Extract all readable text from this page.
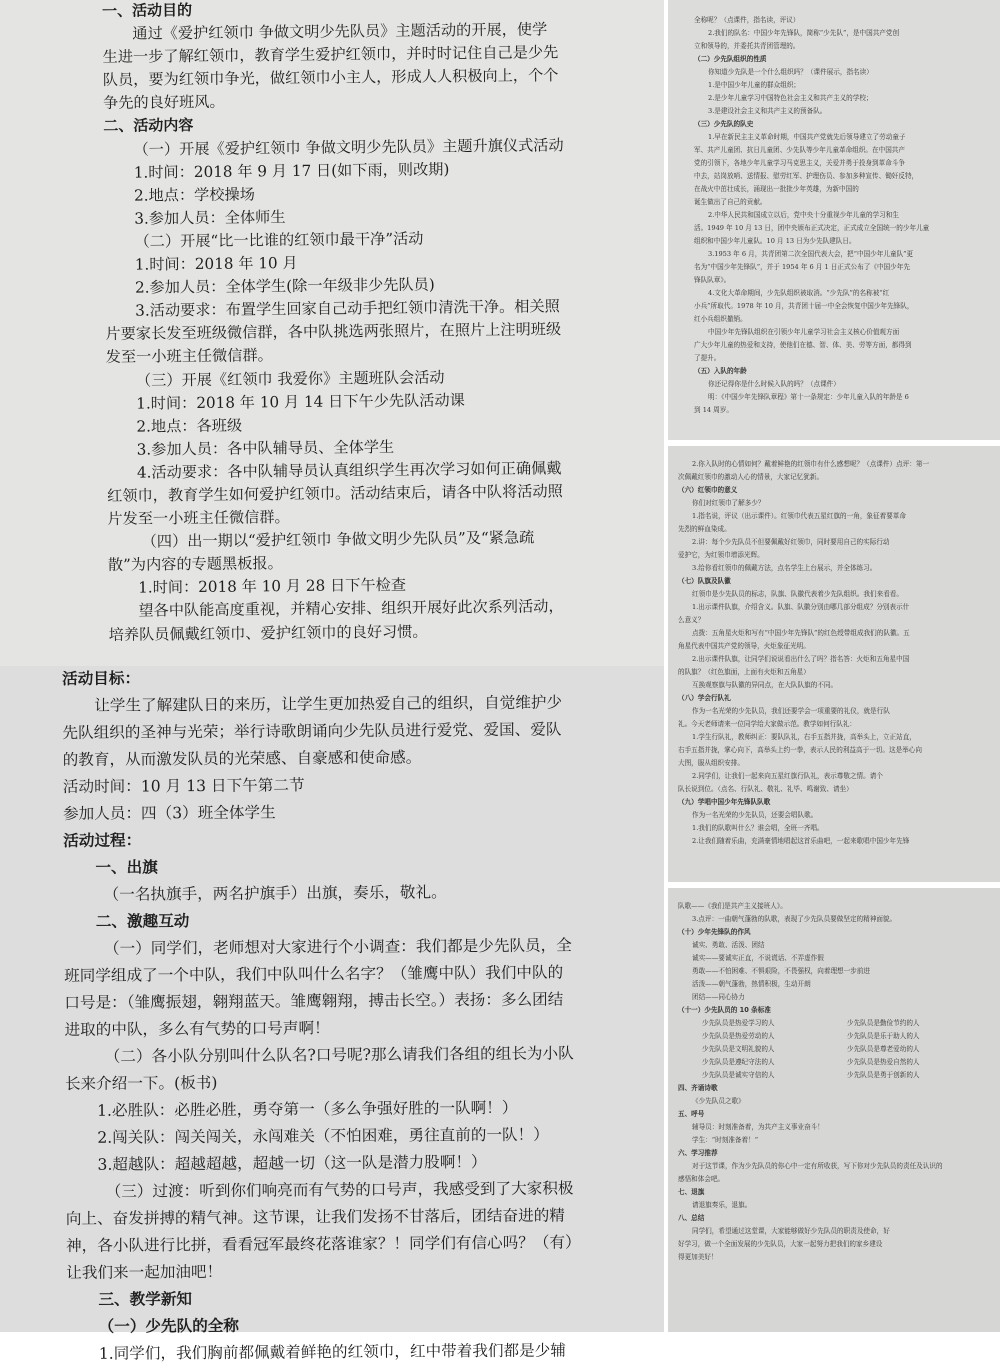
一、活动目的

通过《爱护红领巾 争做文明少先队员》主题活动的开展，使学

生进一步了解红领巾，教育学生爱护红领巾，并时时记住自己是少先

队员，要为红领巾争光，做红领巾小主人，形成人人积极向上，个个

争先的良好班风。

二、活动内容

（一）开展《爱护红领巾 争做文明少先队员》主题升旗仪式活动

1.时间：2018 年 9 月 17 日(如下雨，则改期)

2.地点：学校操场

3.参加人员：全体师生

（二）开展“比一比谁的红领巾最干净”活动

1.时间：2018 年 10 月

2.参加人员：全体学生(除一年级非少先队员)

3.活动要求：布置学生回家自己动手把红领巾清洗干净。相关照

片要家长发至班级微信群，各中队挑选两张照片，在照片上注明班级

发至一小班主任微信群。

（三）开展《红领巾 我爱你》主题班队会活动

1.时间：2018 年 10 月 14 日下午少先队活动课

2.地点：各班级

3.参加人员：各中队辅导员、全体学生

4.活动要求：各中队辅导员认真组织学生再次学习如何正确佩戴

红领巾，教育学生如何爱护红领巾。活动结束后，请各中队将活动照

片发至一小班主任微信群。

（四）出一期以“爱护红领巾 争做文明少先队员”及“紧急疏

散”为内容的专题黑板报。

1.时间：2018 年 10 月 28 日下午检查

望各中队能高度重视，并精心安排、组织开展好此次系列活动，

培养队员佩戴红领巾、爱护红领巾的良好习惯。

活动目标：

让学生了解建队日的来历，让学生更加热爱自己的组织，自觉维护少

先队组织的圣神与光荣；举行诗歌朗诵向少先队员进行爱党、爱国、爱队

的教育，从而激发队员的光荣感、自豪感和使命感。

活动时间：10 月 13 日下午第二节

参加人员：四（3）班全体学生

活动过程：

一、出旗

（一名执旗手，两名护旗手）出旗，奏乐，敬礼。

二、激趣互动

（一）同学们，老师想对大家进行个小调查：我们都是少先队员，全

班同学组成了一个中队，我们中队叫什么名字？（雏鹰中队）我们中队的

口号是：（雏鹰振翅，翱翔蓝天。雏鹰翱翔，搏击长空。）表扬：多么团结

进取的中队，多么有气势的口号声啊！

（二）各小队分别叫什么队名?口号呢?那么请我们各组的组长为小队

长来介绍一下。(板书)

1.必胜队：必胜必胜，勇夺第一（多么争强好胜的一队啊！）

2.闯关队：闯关闯关，永闯难关（不怕困难，勇往直前的一队！）

3.超越队：超越超越，超越一切（这一队是潜力股啊！）

（三）过渡：听到你们响亮而有气势的口号声，我感受到了大家积极

向上、奋发拼搏的精气神。这节课，让我们发扬不甘落后，团结奋进的精

神，各小队进行比拼，看看冠军最终花落谁家？！同学们有信心吗？（有）

让我们来一起加油吧！

三、教学新知

（一）少先队的全称

1.同学们，我们胸前都佩戴着鲜艳的红领巾，红中带着我们都是少辅

全称呢？（点课件，指名读，评议）

2.我们的队名：中国少年先锋队，简称“少先队”，是中国共产党创

立和领导的，并委托共青团管理的。

（二）少先队组织的性质

你知道少先队是一个什么组织吗？（课件展示，指名读）

1.是中国少年儿童的群众组织；

2.是少年儿童学习中国特色社会主义和共产主义的学校；

3.是建设社会主义和共产主义的预备队。

（三）少先队的队史

1.早在新民主主义革命时期，中国共产党就先后领导建立了劳动童子

军、共产儿童团、抗日儿童团、少先队等少年儿童革命组织。在中国共产

党的引领下，各地少年儿童学习马克思主义，关爱并勇于投身到革命斗争

中去，站岗放哨、送情报、慰劳红军、护理伤员、参加多种宣传、锄奸反特，

在战火中茁壮成长，涌现出一批批少年英雄，为新中国的

诞生做出了自己的贡献。

2.中华人民共和国成立以后，党中央十分重视少年儿童的学习和生

活。1949 年 10 月 13 日，团中央颁布正式决定，正式成立全国统一的少年儿童

组织和中国少年儿童队。10 月 13 日为少先队建队日。

3.1953 年 6 月，共青团第二次全国代表大会，把“中国少年儿童队”更

名为“中国少年先锋队”，并于 1954 年 6 月 1 日正式公布了《中国少年先

锋队队章》。

4.文化大革命期间，少先队组织被取消。“少先队”的名称被“红

小兵”所取代。1978 年 10 月，共青团十届一中全会恢复中国少年先锋队，

红小兵组织撤销。

中国少年先锋队组织在引领少年儿童学习社会主义核心价值观方面

广大少年儿童的热爱和支持，使他们在德、智、体、美、劳等方面，都得到

了提升。

（五）入队的年龄

你还记得你是什么时候入队的吗？（点课件）

明：《中国少年先锋队章程》第十一条规定：少年儿童入队的年龄是 6

到 14 周岁。

2.你入队时的心情如何？戴着鲜艳的红领巾有什么感想呢？（点课件）点评：第一

次佩戴红领巾的激动人心的情景，大家记忆犹新。

（六）红领巾的意义

你们对红领巾了解多少？

1.指名说，评议（出示课件）。红领巾代表五星红旗的一角，象征着要革命

先烈的鲜血染成。

2.讲：每个少先队员不但要佩戴好红领巾，同时要用自己的实际行动

爱护它，为红领巾增添光辉。

3.给你看红领巾的佩戴方法，点名学生上台展示，并全体练习。

（七）队旗及队徽

红领巾是少先队员的标志，队旗、队徽代表着少先队组织。我们来看看。

1.出示课件队旗，介绍含义。队旗、队徽分别由哪几部分组成？分别表示什

么意义？

点拨：五角星火炬和写有“中国少年先锋队”的红色绶带组成我们的队徽。五

角星代表中国共产党的领导，火炬象征光明。

2.出示课件队旗，让同学们说说看出什么了吗？指名答：火炬和五角星中国

的队旗？（红色旗面，上面有火炬和五角星）

互换观察旗与队徽的异同点，在大队队旗的不同。

（八）学会行队礼

作为一名光荣的少先队员，我们还要学会一项重要的礼仪，就是行队

礼。今天老师请来一位同学给大家做示范。教学如何行队礼：

1.学生行队礼，教师纠正：要队队礼，右手五指并拢，高举头上，立正站直，

右手五指并拢，掌心向下，高举头上约一拳，表示人民的利益高于一切。这是举心向

大图，服从组织安排。

2.同学们，让我们一起来向五星红旗行队礼，表示尊敬之情。请个

队长说到位。（点名、行队礼、敬礼、礼毕、鸣谢致、请坐）

（九）学唱中国少年先锋队队歌

作为一名光荣的少先队员，还要会唱队歌。

1.我们的队歌叫什么？谁会唱，全班一齐唱。

2.让我们随着乐曲，充满豪情地唱起这首乐曲吧，一起来歌唱中国少年先锋

队歌——《我们是共产主义接班人》。

3.点评：一曲朝气蓬勃的队歌，表现了少先队员要做坚定的精神面貌。

（十）少年先锋队的作风

诚实、勇敢、活泼、团结

诚实——要诚实正直，不说谎话、不弄虚作假

勇敢——不怕困难、不惧艰险，不畏强权，向着理想一步前进

活泼——朝气蓬勃，热情积极，生动开朗

团结——同心协力

（十一）少先队员的 10 条标准

少先队员是热爱学习的人

少先队员是热爱劳动的人

少先队员是文明礼貌的人

少先队员是遵纪守法的人

少先队员是诚实守信的人

少先队员是勤俭节约的人

少先队员是乐于助人的人

少先队员是尊老爱幼的人

少先队员是热爱自然的人

少先队员是勇于创新的人

四、齐诵诗歌

《少先队员之歌》

五、呼号

辅导员：时刻准备着，为共产主义事业奋斗！

学生：“时刻准备着！”

六、学习推荐

对于这节课，作为少先队员的你心中一定有所收获，写下你对少先队员的责任及认识的

感悟和体会吧。

七、退旗

请退旗奏乐，退旗。

八、总结

同学们，希望通过这堂课，大家能够做好少先队员的职责及使命，好

好学习，做一个全面发展的少先队员，大家一起努力把我们的家乡建设

得更加美好！
